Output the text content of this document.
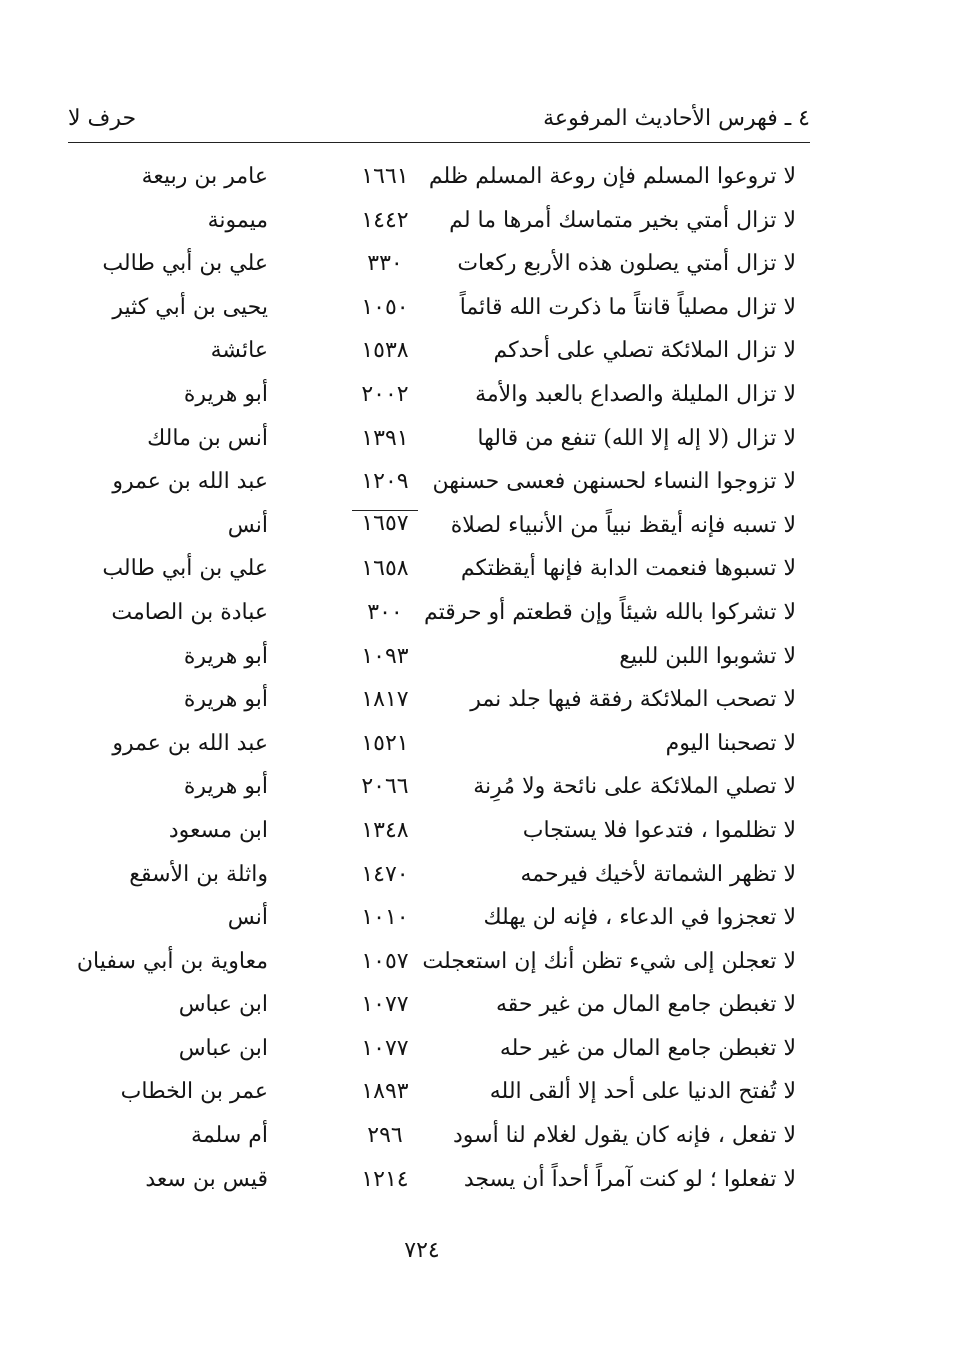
٤ ـ فهرس الأحاديث المرفوعة
حرف لا
لا تروعوا المسلم فإن روعة المسلم ظلم
١٦٦١
عامر بن ربيعة
لا تزال أمتي بخير متماسك أمرها ما لم
١٤٤٢
ميمونة
لا تزال أمتي يصلون هذه الأربع ركعات
٣٣٠
علي بن أبي طالب
لا تزال مصلياً قانتاً ما ذكرت الله قائماً
١٠٥٠
يحيى بن أبي كثير
لا تزال الملائكة تصلي على أحدكم
١٥٣٨
عائشة
لا تزال المليلة والصداع بالعبد والأمة
٢٠٠٢
أبو هريرة
لا تزال (لا إله إلا الله) تنفع من قالها
١٣٩١
أنس بن مالك
لا تزوجوا النساء لحسنهن فعسى حسنهن
١٢٠٩
عبد الله بن عمرو
لا تسبه فإنه أيقظ نبياً من الأنبياء لصلاة
١٦٥٧
أنس
لا تسبوها فنعمت الدابة فإنها أيقظتكم
١٦٥٨
علي بن أبي طالب
لا تشركوا بالله شيئاً وإن قطعتم أو حرقتم
٣٠٠
عبادة بن الصامت
لا تشوبوا اللبن للبيع
١٠٩٣
أبو هريرة
لا تصحب الملائكة رفقة فيها جلد نمر
١٨١٧
أبو هريرة
لا تصحبنا اليوم
١٥٢١
عبد الله بن عمرو
لا تصلي الملائكة على نائحة ولا مُرِنة
٢٠٦٦
أبو هريرة
لا تظلموا ، فتدعوا فلا يستجاب
١٣٤٨
ابن مسعود
لا تظهر الشماتة لأخيك فيرحمه
١٤٧٠
واثلة بن الأسقع
لا تعجزوا في الدعاء ، فإنه لن يهلك
١٠١٠
أنس
لا تعجلن إلى شيء تظن أنك إن استعجلت
١٠٥٧
معاوية بن أبي سفيان
لا تغبطن جامع المال من غير حقه
١٠٧٧
ابن عباس
لا تغبطن جامع المال من غير حله
١٠٧٧
ابن عباس
لا تُفتح الدنيا على أحد إلا ألقى الله
١٨٩٣
عمر بن الخطاب
لا تفعل ، فإنه كان يقول لغلام لنا أسود
٢٩٦
أم سلمة
لا تفعلوا ؛ لو كنت آمراً أحداً أن يسجد
١٢١٤
قيس بن سعد
٧٢٤
